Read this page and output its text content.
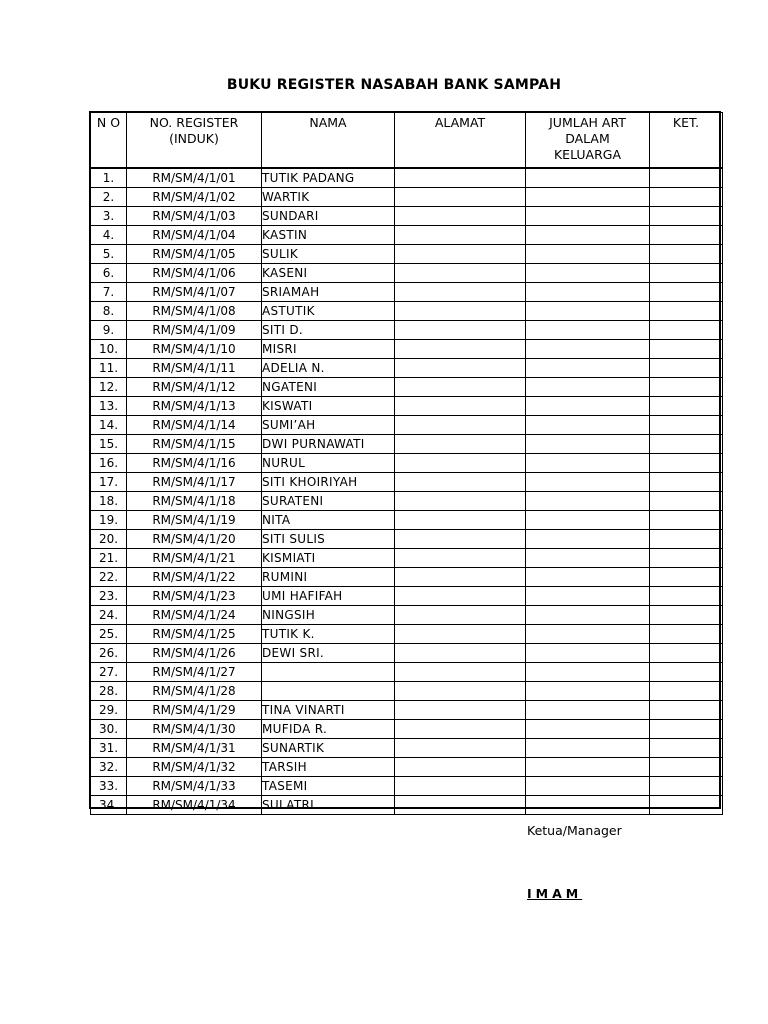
BUKU REGISTER NASABAH BANK SAMPAH
N O	NO. REGISTER (INDUK)	NAMA	ALAMAT	JUMLAH ART DALAM KELUARGA	KET.
1.	RM/SM/4/1/01	TUTIK PADANG			
2.	RM/SM/4/1/02	WARTIK			
3.	RM/SM/4/1/03	SUNDARI			
4.	RM/SM/4/1/04	KASTIN			
5.	RM/SM/4/1/05	SULIK			
6.	RM/SM/4/1/06	KASENI			
7.	RM/SM/4/1/07	SRIAMAH			
8.	RM/SM/4/1/08	ASTUTIK			
9.	RM/SM/4/1/09	SITI D.			
10.	RM/SM/4/1/10	MISRI			
11.	RM/SM/4/1/11	ADELIA N.			
12.	RM/SM/4/1/12	NGATENI			
13.	RM/SM/4/1/13	KISWATI			
14.	RM/SM/4/1/14	SUMI’AH			
15.	RM/SM/4/1/15	DWI PURNAWATI			
16.	RM/SM/4/1/16	NURUL			
17.	RM/SM/4/1/17	SITI KHOIRIYAH			
18.	RM/SM/4/1/18	SURATENI			
19.	RM/SM/4/1/19	NITA			
20.	RM/SM/4/1/20	SITI SULIS			
21.	RM/SM/4/1/21	KISMIATI			
22.	RM/SM/4/1/22	RUMINI			
23.	RM/SM/4/1/23	UMI HAFIFAH			
24.	RM/SM/4/1/24	NINGSIH			
25.	RM/SM/4/1/25	TUTIK K.			
26.	RM/SM/4/1/26	DEWI SRI.			
27.	RM/SM/4/1/27				
28.	RM/SM/4/1/28				
29.	RM/SM/4/1/29	TINA VINARTI			
30.	RM/SM/4/1/30	MUFIDA R.			
31.	RM/SM/4/1/31	SUNARTIK			
32.	RM/SM/4/1/32	TARSIH			
33.	RM/SM/4/1/33	TASEMI			
34.	RM/SM/4/1/34	SULATRI			
Ketua/Manager
IMAM
